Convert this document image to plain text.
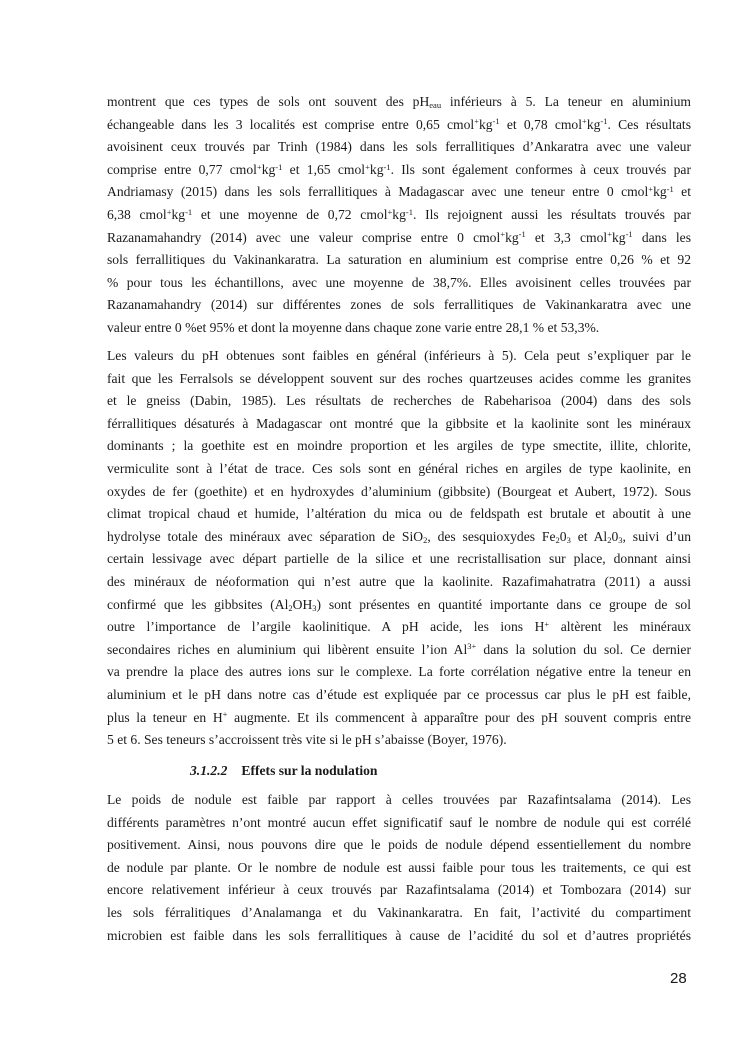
montrent que ces types de sols ont souvent des $pH_{eau}$ inférieurs à 5. La teneur en aluminium
échangeable dans les 3 localités est comprise entre 0,65 $cmol^+kg^{-1}$ et 0,78 $cmol^+kg^{-1}$. Ces résultats
avoisinent ceux trouvés par Trinh (1984) dans les sols ferrallitiques d’Ankaratra avec une valeur
comprise entre 0,77 $cmol^+kg^{-1}$ et 1,65 $cmol^+kg^{-1}$. Ils sont également conformes à ceux trouvés par
Andriamasy (2015) dans les sols ferrallitiques à Madagascar avec une teneur entre 0 $cmol^+kg^{-1}$ et
6,38 $cmol^+kg^{-1}$ et une moyenne de 0,72 $cmol^+kg^{-1}$. Ils rejoignent aussi les résultats trouvés par
Razanamahandry (2014) avec une valeur comprise entre 0 $cmol^+kg^{-1}$ et 3,3 $cmol^+kg^{-1}$ dans les
sols ferrallitiques du Vakinankaratra. La saturation en aluminium est comprise entre 0,26 % et 92
% pour tous les échantillons, avec une moyenne de 38,7%. Elles avoisinent celles trouvées par
Razanamahandry (2014) sur différentes zones de sols ferrallitiques de Vakinankaratra avec une
valeur entre 0 %et 95% et dont la moyenne dans chaque zone varie entre 28,1 % et 53,3%.
Les valeurs du pH obtenues sont faibles en général (inférieurs à 5). Cela peut s’expliquer par le
fait que les Ferralsols se développent souvent sur des roches quartzeuses acides comme les granites
et le gneiss (Dabin, 1985). Les résultats de recherches de Rabeharisoa (2004) dans des sols
férrallitiques désaturés à Madagascar ont montré que la gibbsite et la kaolinite sont les minéraux
dominants ; la goethite est en moindre proportion et les argiles de type smectite, illite, chlorite,
vermiculite sont à l’état de trace. Ces sols sont en général riches en argiles de type kaolinite, en
oxydes de fer (goethite) et en hydroxydes d’aluminium (gibbsite) (Bourgeat et Aubert, 1972). Sous
climat tropical chaud et humide, l’altération du mica ou de feldspath est brutale et aboutit à une
hydrolyse totale des minéraux avec séparation de SiO$_2$, des sesquioxydes $Fe_20_3$ et $Al_20_3$, suivi d’un
certain lessivage avec départ partielle de la silice et une recristallisation sur place, donnant ainsi
des minéraux de néoformation qui n’est autre que la kaolinite. Razafimahatratra (2011) a aussi
confirmé que les gibbsites $(Al_2OH_3)$ sont présentes en quantité importante dans ce groupe de sol
outre l’importance de l’argile kaolinitique. A pH acide, les ions H+ altèrent les minéraux
secondaires riches en aluminium qui libèrent ensuite l’ion $Al^{3+}$ dans la solution du sol. Ce dernier
va prendre la place des autres ions sur le complexe. La forte corrélation négative entre la teneur en
aluminium et le pH dans notre cas d’étude est expliquée par ce processus car plus le pH est faible,
plus la teneur en H+ augmente. Et ils commencent à apparaître pour des pH souvent compris entre
5 et 6. Ses teneurs s’accroissent très vite si le pH s’abaisse (Boyer, 1976).
3.1.2.2 Effets sur la nodulation
Le poids de nodule est faible par rapport à celles trouvées par Razafintsalama (2014). Les
différents paramètres n’ont montré aucun effet significatif sauf le nombre de nodule qui est corrélé
positivement. Ainsi, nous pouvons dire que le poids de nodule dépend essentiellement du nombre
de nodule par plante. Or le nombre de nodule est aussi faible pour tous les traitements, ce qui est
encore relativement inférieur à ceux trouvés par Razafintsalama (2014) et Tombozara (2014) sur
les sols férralitiques d’Analamanga et du Vakinankaratra. En fait, l’activité du compartiment
microbien est faible dans les sols ferrallitiques à cause de l’acidité du sol et d’autres propriétés
28
